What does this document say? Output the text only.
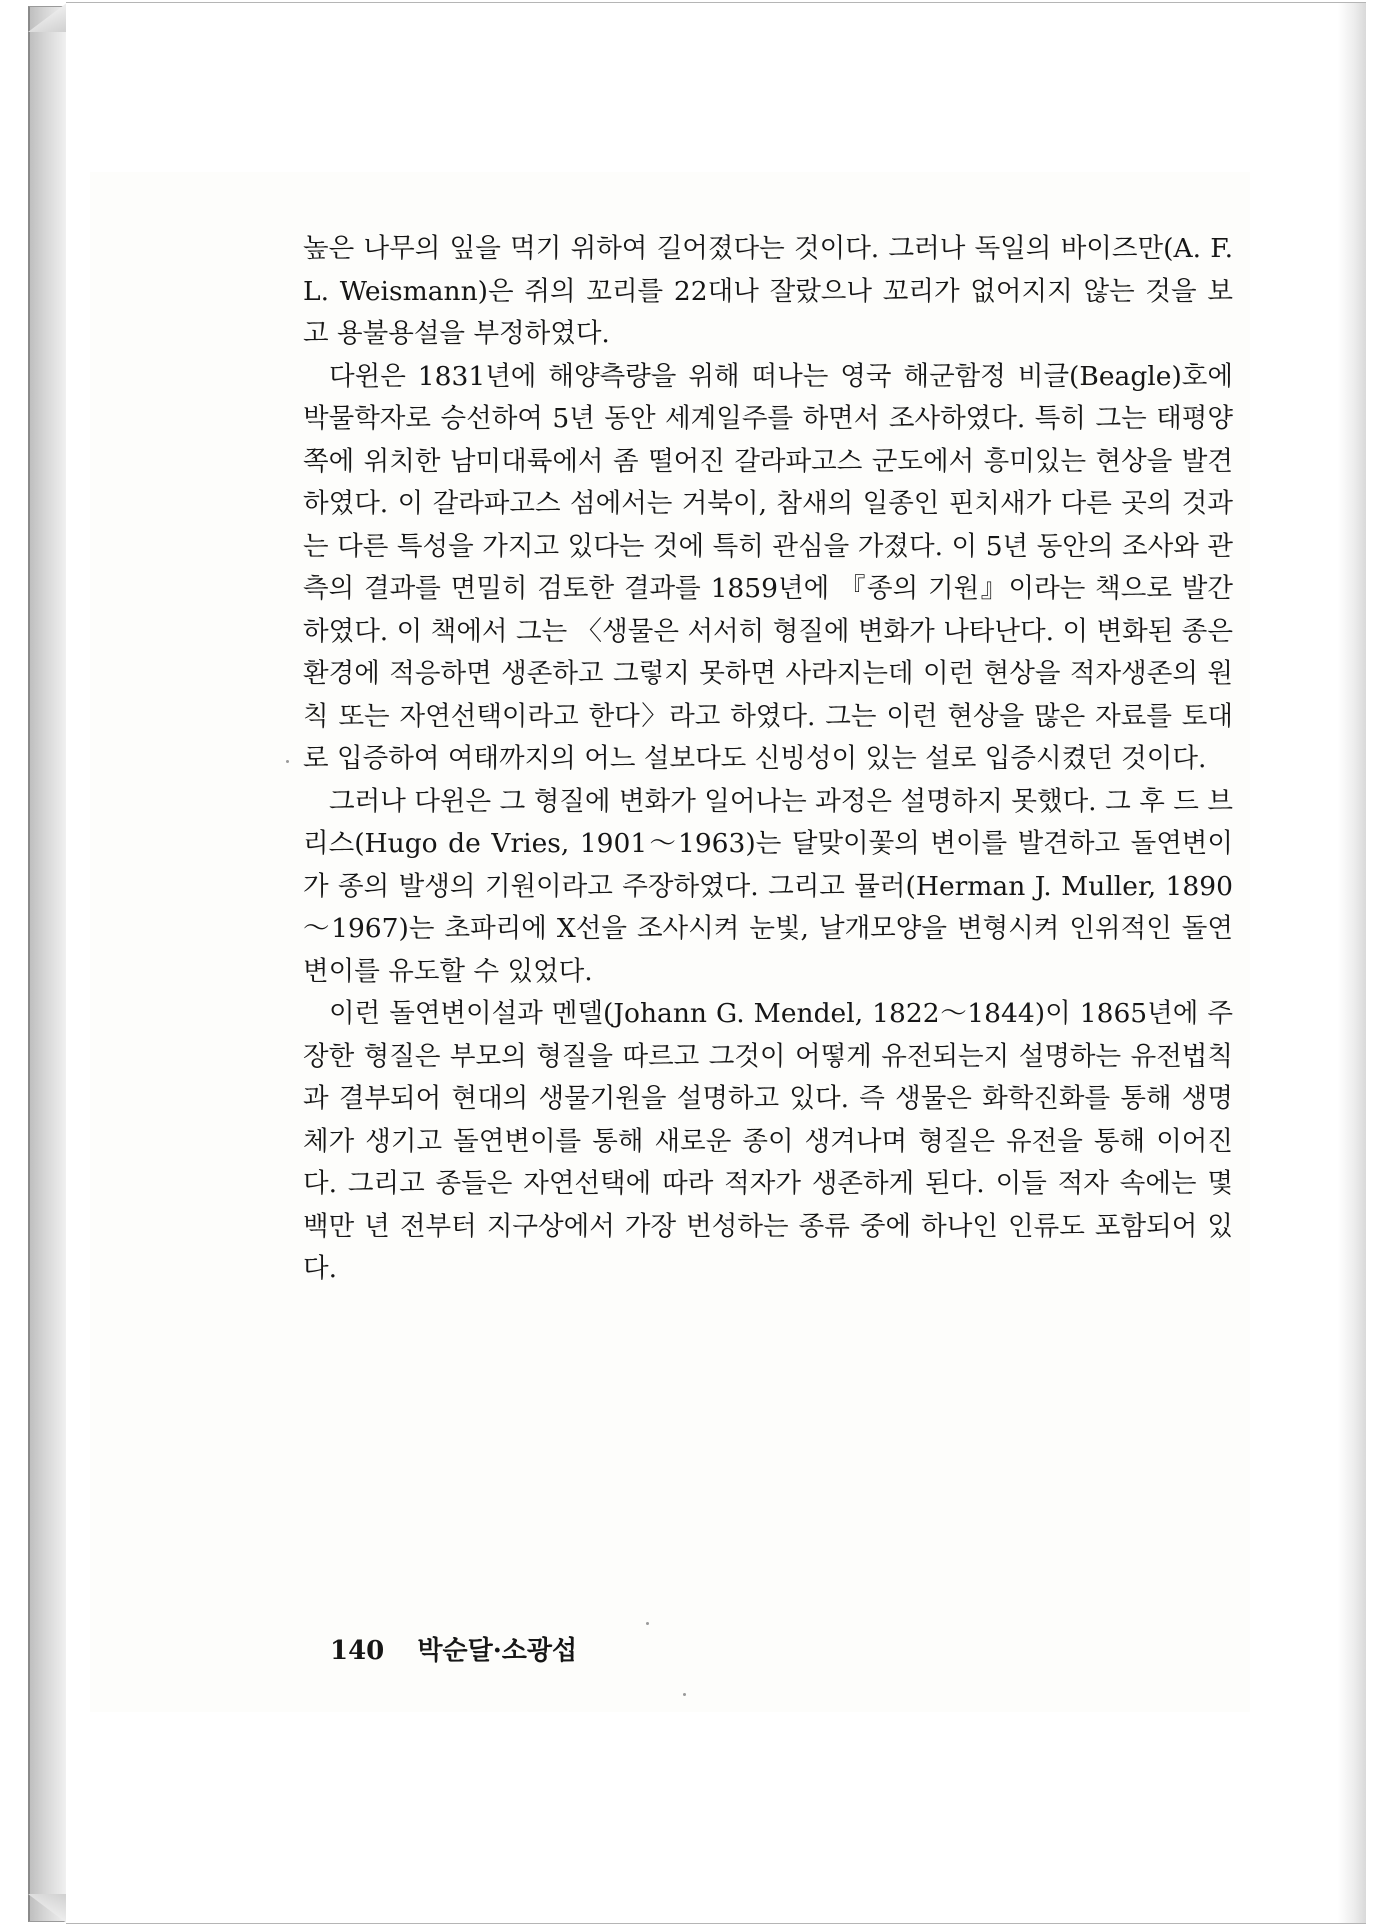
높은 나무의 잎을 먹기 위하여 길어졌다는 것이다. 그러나 독일의 바이즈만(A. F. L. Weismann)은 쥐의 꼬리를 22대나 잘랐으나 꼬리가 없어지지 않는 것을 보고 용불용설을 부정하였다.

다윈은 1831년에 해양측량을 위해 떠나는 영국 해군함정 비글(Beagle)호에 박물학자로 승선하여 5년 동안 세계일주를 하면서 조사하였다. 특히 그는 태평양 쪽에 위치한 남미대륙에서 좀 떨어진 갈라파고스 군도에서 흥미있는 현상을 발견하였다. 이 갈라파고스 섬에서는 거북이, 참새의 일종인 핀치새가 다른 곳의 것과는 다른 특성을 가지고 있다는 것에 특히 관심을 가졌다. 이 5년 동안의 조사와 관측의 결과를 면밀히 검토한 결과를 1859년에 『종의 기원』이라는 책으로 발간하였다. 이 책에서 그는 〈생물은 서서히 형질에 변화가 나타난다. 이 변화된 종은 환경에 적응하면 생존하고 그렇지 못하면 사라지는데 이런 현상을 적자생존의 원칙 또는 자연선택이라고 한다〉라고 하였다. 그는 이런 현상을 많은 자료를 토대로 입증하여 여태까지의 어느 설보다도 신빙성이 있는 설로 입증시켰던 것이다.

그러나 다윈은 그 형질에 변화가 일어나는 과정은 설명하지 못했다. 그 후 드 브리스(Hugo de Vries, 1901～1963)는 달맞이꽃의 변이를 발견하고 돌연변이가 종의 발생의 기원이라고 주장하였다. 그리고 뮬러(Herman J. Muller, 1890～1967)는 초파리에 X선을 조사시켜 눈빛, 날개모양을 변형시켜 인위적인 돌연변이를 유도할 수 있었다.

이런 돌연변이설과 멘델(Johann G. Mendel, 1822～1844)이 1865년에 주장한 형질은 부모의 형질을 따르고 그것이 어떻게 유전되는지 설명하는 유전법칙과 결부되어 현대의 생물기원을 설명하고 있다. 즉 생물은 화학진화를 통해 생명체가 생기고 돌연변이를 통해 새로운 종이 생겨나며 형질은 유전을 통해 이어진다. 그리고 종들은 자연선택에 따라 적자가 생존하게 된다. 이들 적자 속에는 몇 백만 년 전부터 지구상에서 가장 번성하는 종류 중에 하나인 인류도 포함되어 있다.

140 박순달·소광섭
